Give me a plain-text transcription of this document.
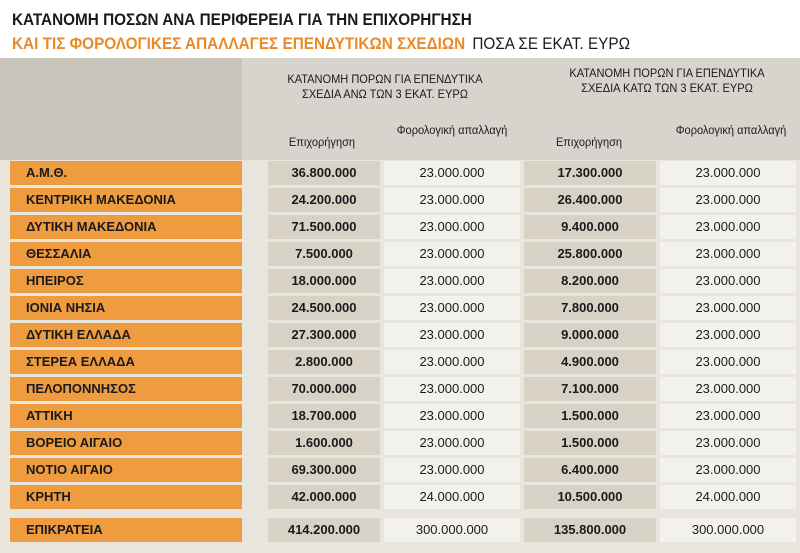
ΚΑΤΑΝΟΜΗ ΠΟΣΩΝ ΑΝΑ ΠΕΡΙΦΕΡΕΙΑ ΓΙΑ ΤΗΝ ΕΠΙΧΟΡΗΓΗΣΗ
ΚΑΙ ΤΙΣ ΦΟΡΟΛΟΓΙΚΕΣ ΑΠΑΛΛΑΓΕΣ ΕΠΕΝΔΥΤΙΚΩΝ ΣΧΕΔΙΩΝ ΠΟΣΑ ΣΕ ΕΚΑΤ. ΕΥΡΩ
ΚΑΤΑΝΟΜΗ ΠΟΡΩΝ ΓΙΑ ΕΠΕΝΔΥΤΙΚΑ ΣΧΕΔΙΑ ΑΝΩ ΤΩΝ 3 ΕΚΑΤ. ΕΥΡΩ
ΚΑΤΑΝΟΜΗ ΠΟΡΩΝ ΓΙΑ ΕΠΕΝΔΥΤΙΚΑ ΣΧΕΔΙΑ ΚΑΤΩ ΤΩΝ 3 ΕΚΑΤ. ΕΥΡΩ
Επιχορήγηση
Φορολογική απαλλαγή
Επιχορήγηση
Φορολογική απαλλαγή
Α.Μ.Θ.	36.800.000	23.000.000	17.300.000	23.000.000
ΚΕΝΤΡΙΚΗ ΜΑΚΕΔΟΝΙΑ	24.200.000	23.000.000	26.400.000	23.000.000
ΔΥΤΙΚΗ ΜΑΚΕΔΟΝΙΑ	71.500.000	23.000.000	9.400.000	23.000.000
ΘΕΣΣΑΛΙΑ	7.500.000	23.000.000	25.800.000	23.000.000
ΗΠΕΙΡΟΣ	18.000.000	23.000.000	8.200.000	23.000.000
ΙΟΝΙΑ ΝΗΣΙΑ	24.500.000	23.000.000	7.800.000	23.000.000
ΔΥΤΙΚΗ ΕΛΛΑΔΑ	27.300.000	23.000.000	9.000.000	23.000.000
ΣΤΕΡΕΑ ΕΛΛΑΔΑ	2.800.000	23.000.000	4.900.000	23.000.000
ΠΕΛΟΠΟΝΝΗΣΟΣ	70.000.000	23.000.000	7.100.000	23.000.000
ΑΤΤΙΚΗ	18.700.000	23.000.000	1.500.000	23.000.000
ΒΟΡΕΙΟ ΑΙΓΑΙΟ	1.600.000	23.000.000	1.500.000	23.000.000
ΝΟΤΙΟ ΑΙΓΑΙΟ	69.300.000	23.000.000	6.400.000	23.000.000
ΚΡΗΤΗ	42.000.000	24.000.000	10.500.000	24.000.000
ΕΠΙΚΡΑΤΕΙΑ	414.200.000	300.000.000	135.800.000	300.000.000
